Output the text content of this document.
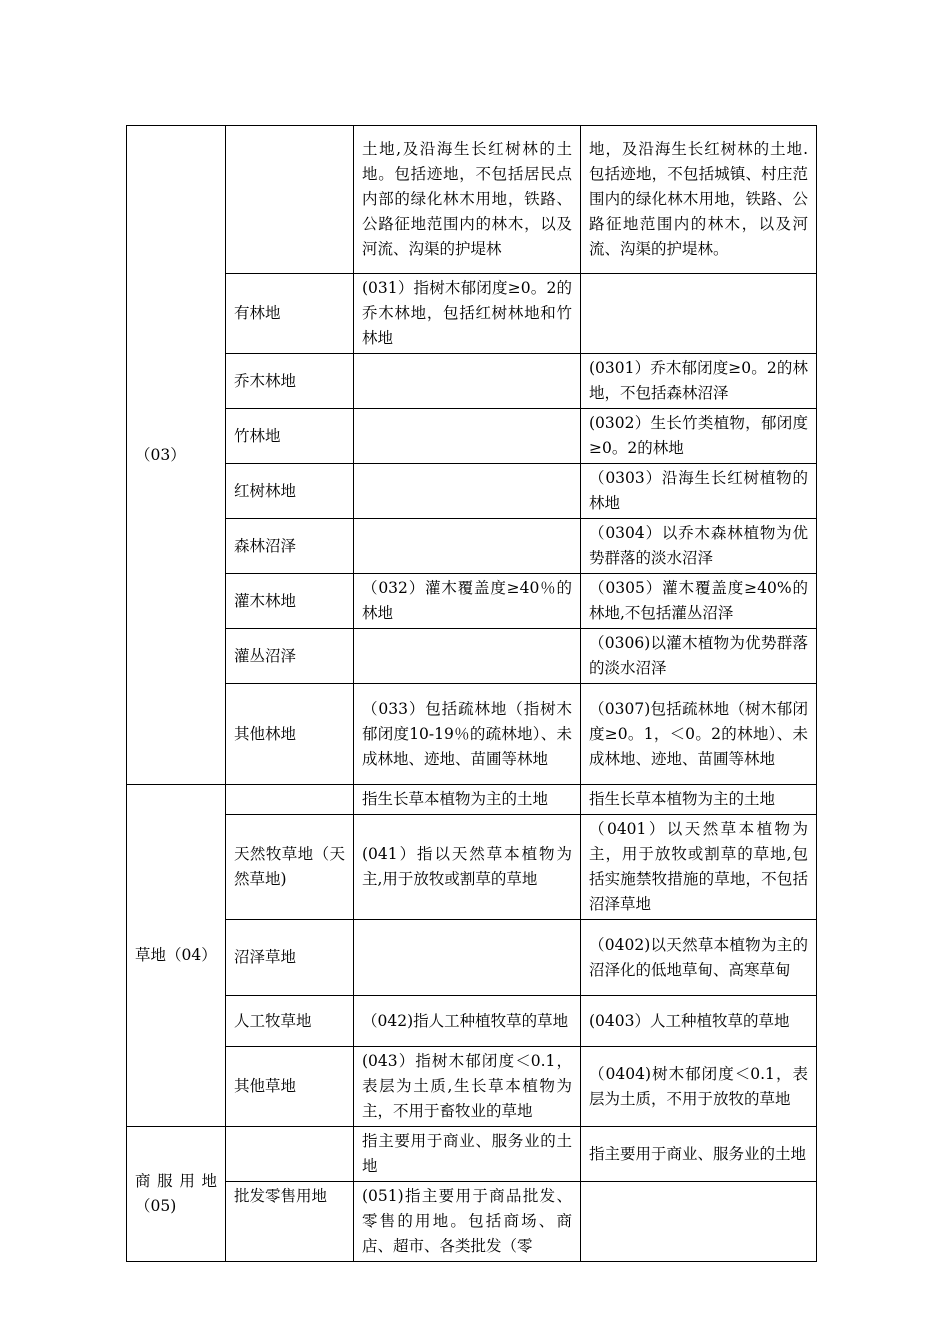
（03）		土地,及沿海生长红树林的土地。包括迹地，不包括居民点内部的绿化林木用地，铁路、公路征地范围内的林木，以及河流、沟渠的护堤林	地，及沿海生长红树林的土地.包括迹地，不包括城镇、村庄范围内的绿化林木用地，铁路、公路征地范围内的林木，以及河流、沟渠的护堤林。
	有林地	(031）指树木郁闭度≥0。2的乔木林地，包括红树林地和竹林地	
	乔木林地		(0301）乔木郁闭度≥0。2的林地，不包括森林沼泽
	竹林地		(0302）生长竹类植物，郁闭度≥0。2的林地
	红树林地		（0303）沿海生长红树植物的林地
	森林沼泽		（0304）以乔木森林植物为优势群落的淡水沼泽
	灌木林地	（032）灌木覆盖度≥40％的林地	（0305）灌木覆盖度≥40%的林地,不包括灌丛沼泽
	灌丛沼泽		（0306)以灌木植物为优势群落的淡水沼泽
	其他林地	（033）包括疏林地（指树木郁闭度10-19％的疏林地）、未成林地、迹地、苗圃等林地	（0307)包括疏林地（树木郁闭度≥0。1，＜0。2的林地）、未成林地、迹地、苗圃等林地
草地（04）		指生长草本植物为主的土地	指生长草本植物为主的土地
	天然牧草地（天然草地)	(041）指以天然草本植物为主,用于放牧或割草的草地	（0401）以天然草本植物为主，用于放牧或割草的草地,包括实施禁牧措施的草地，不包括沼泽草地
	沼泽草地		（0402)以天然草本植物为主的沼泽化的低地草甸、高寒草甸
	人工牧草地	（042)指人工种植牧草的草地	(0403）人工种植牧草的草地
	其他草地	(043）指树木郁闭度＜0.1，表层为土质,生长草本植物为主，不用于畜牧业的草地	（0404)树木郁闭度＜0.1，表层为土质，不用于放牧的草地
商服用地（05)		指主要用于商业、服务业的土地	指主要用于商业、服务业的土地
	批发零售用地	(051)指主要用于商品批发、零售的用地。包括商场、商店、超市、各类批发（零	
